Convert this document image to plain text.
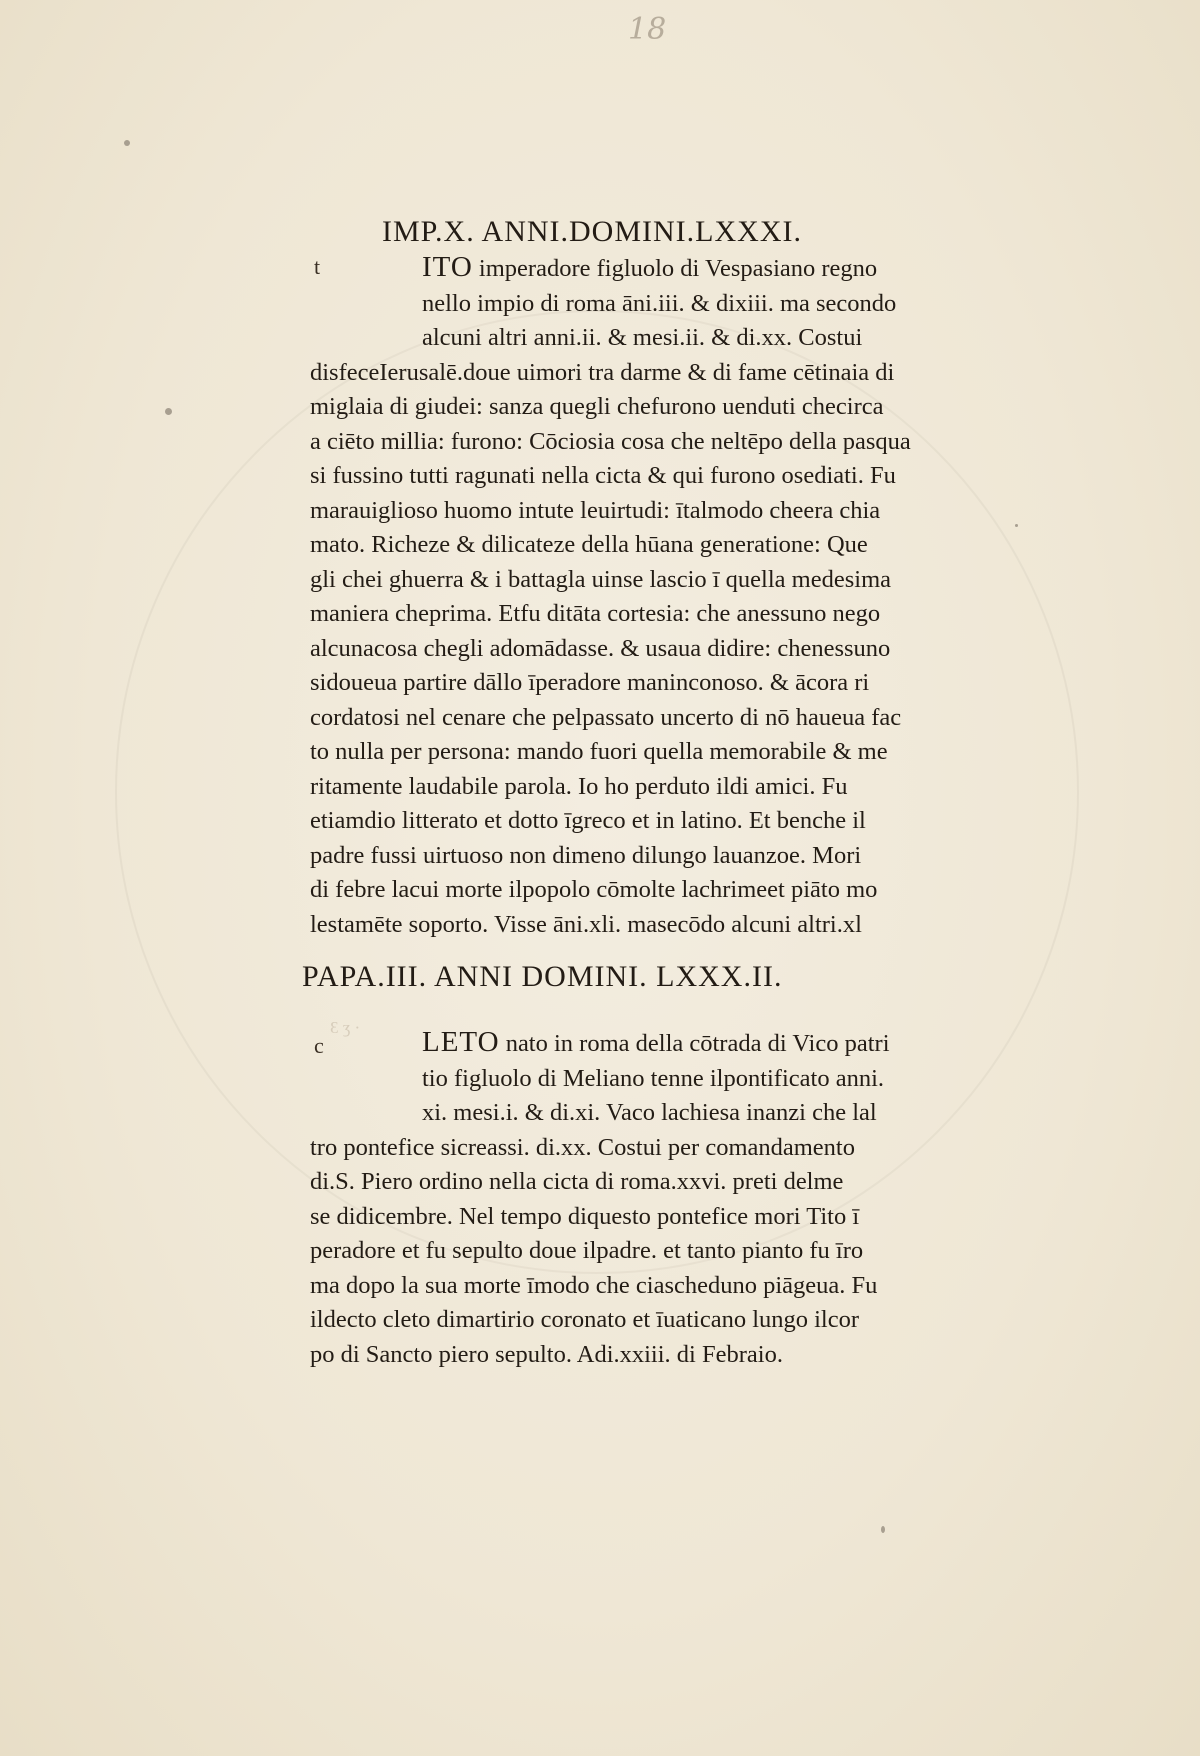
Ɛ ʒ ·
18
IMP.X. ANNI.DOMINI.LXXXI.
t	ITO imperadore figluolo di Vespasiano regno
nello impio di roma āni.iii. & dixiii. ma secondo
alcuni altri anni.ii. & mesi.ii. & di.xx. Costui
disfeceIerusalē.doue uimori tra darme & di fame cētinaia di
miglaia di giudei: sanza quegli chefurono uenduti checirca
a ciēto millia: furono: Cōciosia cosa che neltēpo della pasqua
si fussino tutti ragunati nella cicta & qui furono osediati. Fu
marauiglioso huomo intute leuirtudi: ītalmodo cheera chia
mato. Richeze & dilicateze della hūana generatione: Que
gli chei ghuerra & i battagla uinse lascio ī quella medesima
maniera cheprima. Etfu ditāta cortesia: che anessuno nego
alcunacosa chegli adomādasse. & usaua didire: chenessuno
sidoueua partire dāllo īperadore maninconoso. & ācora ri
cordatosi nel cenare che pelpassato uncerto di nō haueua fac
to nulla per persona: mando fuori quella memorabile & me
ritamente laudabile parola. Io ho perduto ildi amici. Fu
etiamdio litterato et dotto īgreco et in latino. Et benche il
padre fussi uirtuoso non dimeno dilungo lauanzoe. Mori
di febre lacui morte ilpopolo cōmolte lachrimeet piāto mo
lestamēte soporto. Visse āni.xli. masecōdo alcuni altri.xl
PAPA.III. ANNI DOMINI. LXXX.II.
c	LETO nato in roma della cōtrada di Vico patri
tio figluolo di Meliano tenne ilpontificato anni.
xi. mesi.i. & di.xi. Vaco lachiesa inanzi che lal
tro pontefice sicreassi. di.xx. Costui per comandamento
di.S. Piero ordino nella cicta di roma.xxvi. preti delme
se didicembre. Nel tempo diquesto pontefice mori Tito ī
peradore et fu sepulto doue ilpadre. et tanto pianto fu īro
ma dopo la sua morte īmodo che ciascheduno piāgeua. Fu
ildecto cleto dimartirio coronato et īuaticano lungo ilcor
po di Sancto piero sepulto. Adi.xxiii. di Febraio.
